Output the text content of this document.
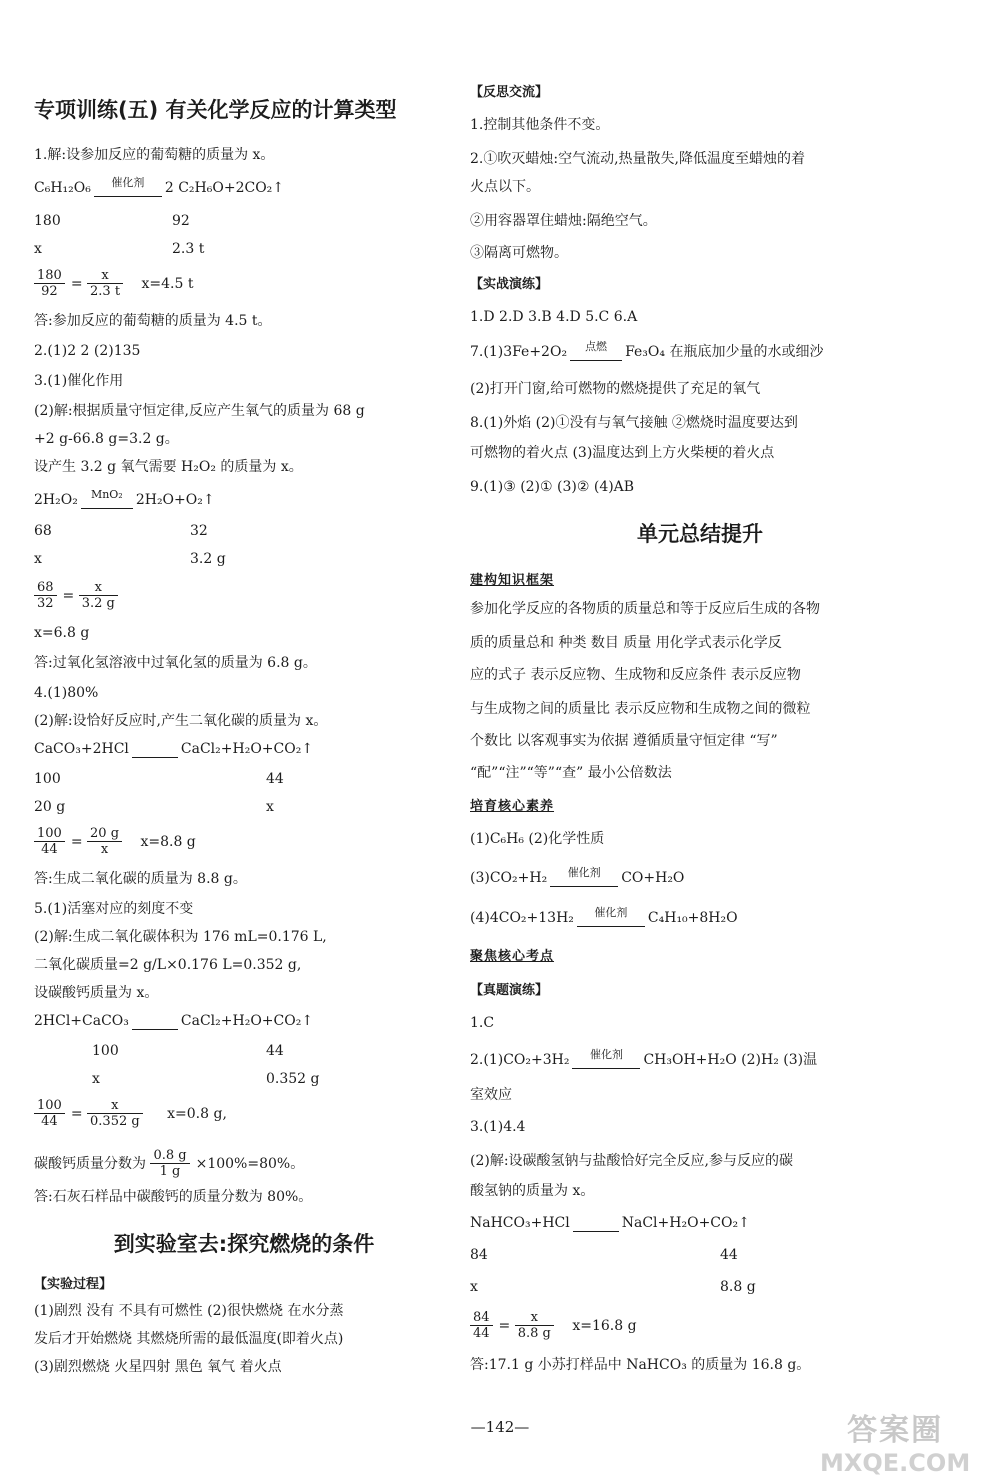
专项训练(五) 有关化学反应的计算类型
1.解:设参加反应的葡萄糖的质量为 x。
C₆H₁₂O₆	催化剂	2 C₂H₆O+2CO₂↑
180	92
x	2.3 t
$\frac{180}{92} = \frac{x}{2.3 t} x=4.5$ t
答:参加反应的葡萄糖的质量为 4.5 t。
2.(1)2 2 (2)135
3.(1)催化作用
(2)解:根据质量守恒定律,反应产生氧气的质量为 68 g
+2 g-66.8 g=3.2 g。
设产生 3.2 g 氧气需要 H₂O₂ 的质量为 x。
2H₂O₂	MnO₂ 2H₂O+O₂↑
68	32
x	3.2 g
$\frac{68}{32} = \frac{x}{3.2 g}$
x=6.8 g
答:过氧化氢溶液中过氧化氢的质量为 6.8 g。
4.(1)80%
(2)解:设恰好反应时,产生二氧化碳的质量为 x。
CaCO₃+2HCl	CaCl₂+H₂O+CO₂↑
100	44
20 g	x
$\frac{100}{44} = \frac{20 g}{x} x=8.8$ g
答:生成二氧化碳的质量为 8.8 g。
5.(1)活塞对应的刻度不变
(2)解:生成二氧化碳体积为 176 mL=0.176 L,
二氧化碳质量=2 g/L×0.176 L=0.352 g,
设碳酸钙质量为 x。
2HCl+CaCO₃	CaCl₂+H₂O+CO₂↑
100	44
x	0.352 g
$\frac{100}{44} = \frac{x}{0.352 g} x=0.8$ g,
碳酸钙质量分数为 $\frac{0.8 g}{1 g} \times 100\%=80\%$。
答:石灰石样品中碳酸钙的质量分数为 80%。
到实验室去:探究燃烧的条件
【实验过程】
(1)剧烈 没有 不具有可燃性 (2)很快燃烧 在水分蒸
发后才开始燃烧 其燃烧所需的最低温度(即着火点)
(3)剧烈燃烧 火星四射 黑色 氧气 着火点
【反思交流】
1.控制其他条件不变。
2.①吹灭蜡烛:空气流动,热量散失,降低温度至蜡烛的着
火点以下。
②用容器罩住蜡烛:隔绝空气。
③隔离可燃物。
【实战演练】
1.D 2.D 3.B 4.D 5.C 6.A
7.(1)3Fe+2O₂	点燃	Fe₃O₄ 在瓶底加少量的水或细沙
(2)打开门窗,给可燃物的燃烧提供了充足的氧气
8.(1)外焰 (2)①没有与氧气接触 ②燃烧时温度要达到
可燃物的着火点 (3)温度达到上方火柴梗的着火点
9.(1)③ (2)① (3)② (4)AB
单元总结提升
建构知识框架
参加化学反应的各物质的质量总和等于反应后生成的各物
质的质量总和 种类 数目 质量 用化学式表示化学反
应的式子 表示反应物、生成物和反应条件 表示反应物
与生成物之间的质量比 表示反应物和生成物之间的微粒
个数比 以客观事实为依据 遵循质量守恒定律 “写”
“配”“注”“等”“查” 最小公倍数法
培育核心素养
(1)C₆H₆ (2)化学性质
(3)CO₂+H₂	催化剂	CO+H₂O
(4)4CO₂+13H₂	催化剂	C₄H₁₀+8H₂O
聚焦核心考点
【真题演练】
1.C
2.(1)CO₂+3H₂	催化剂	CH₃OH+H₂O (2)H₂ (3)温
室效应
3.(1)4.4
(2)解:设碳酸氢钠与盐酸恰好完全反应,参与反应的碳
酸氢钠的质量为 x。
NaHCO₃+HCl	NaCl+H₂O+CO₂↑
84	44
x	8.8 g
$\frac{84}{44} = \frac{x}{8.8 g} x=16.8$ g
答:17.1 g 小苏打样品中 NaHCO₃ 的质量为 16.8 g。
—142—	答案圈
MXQE.COM
